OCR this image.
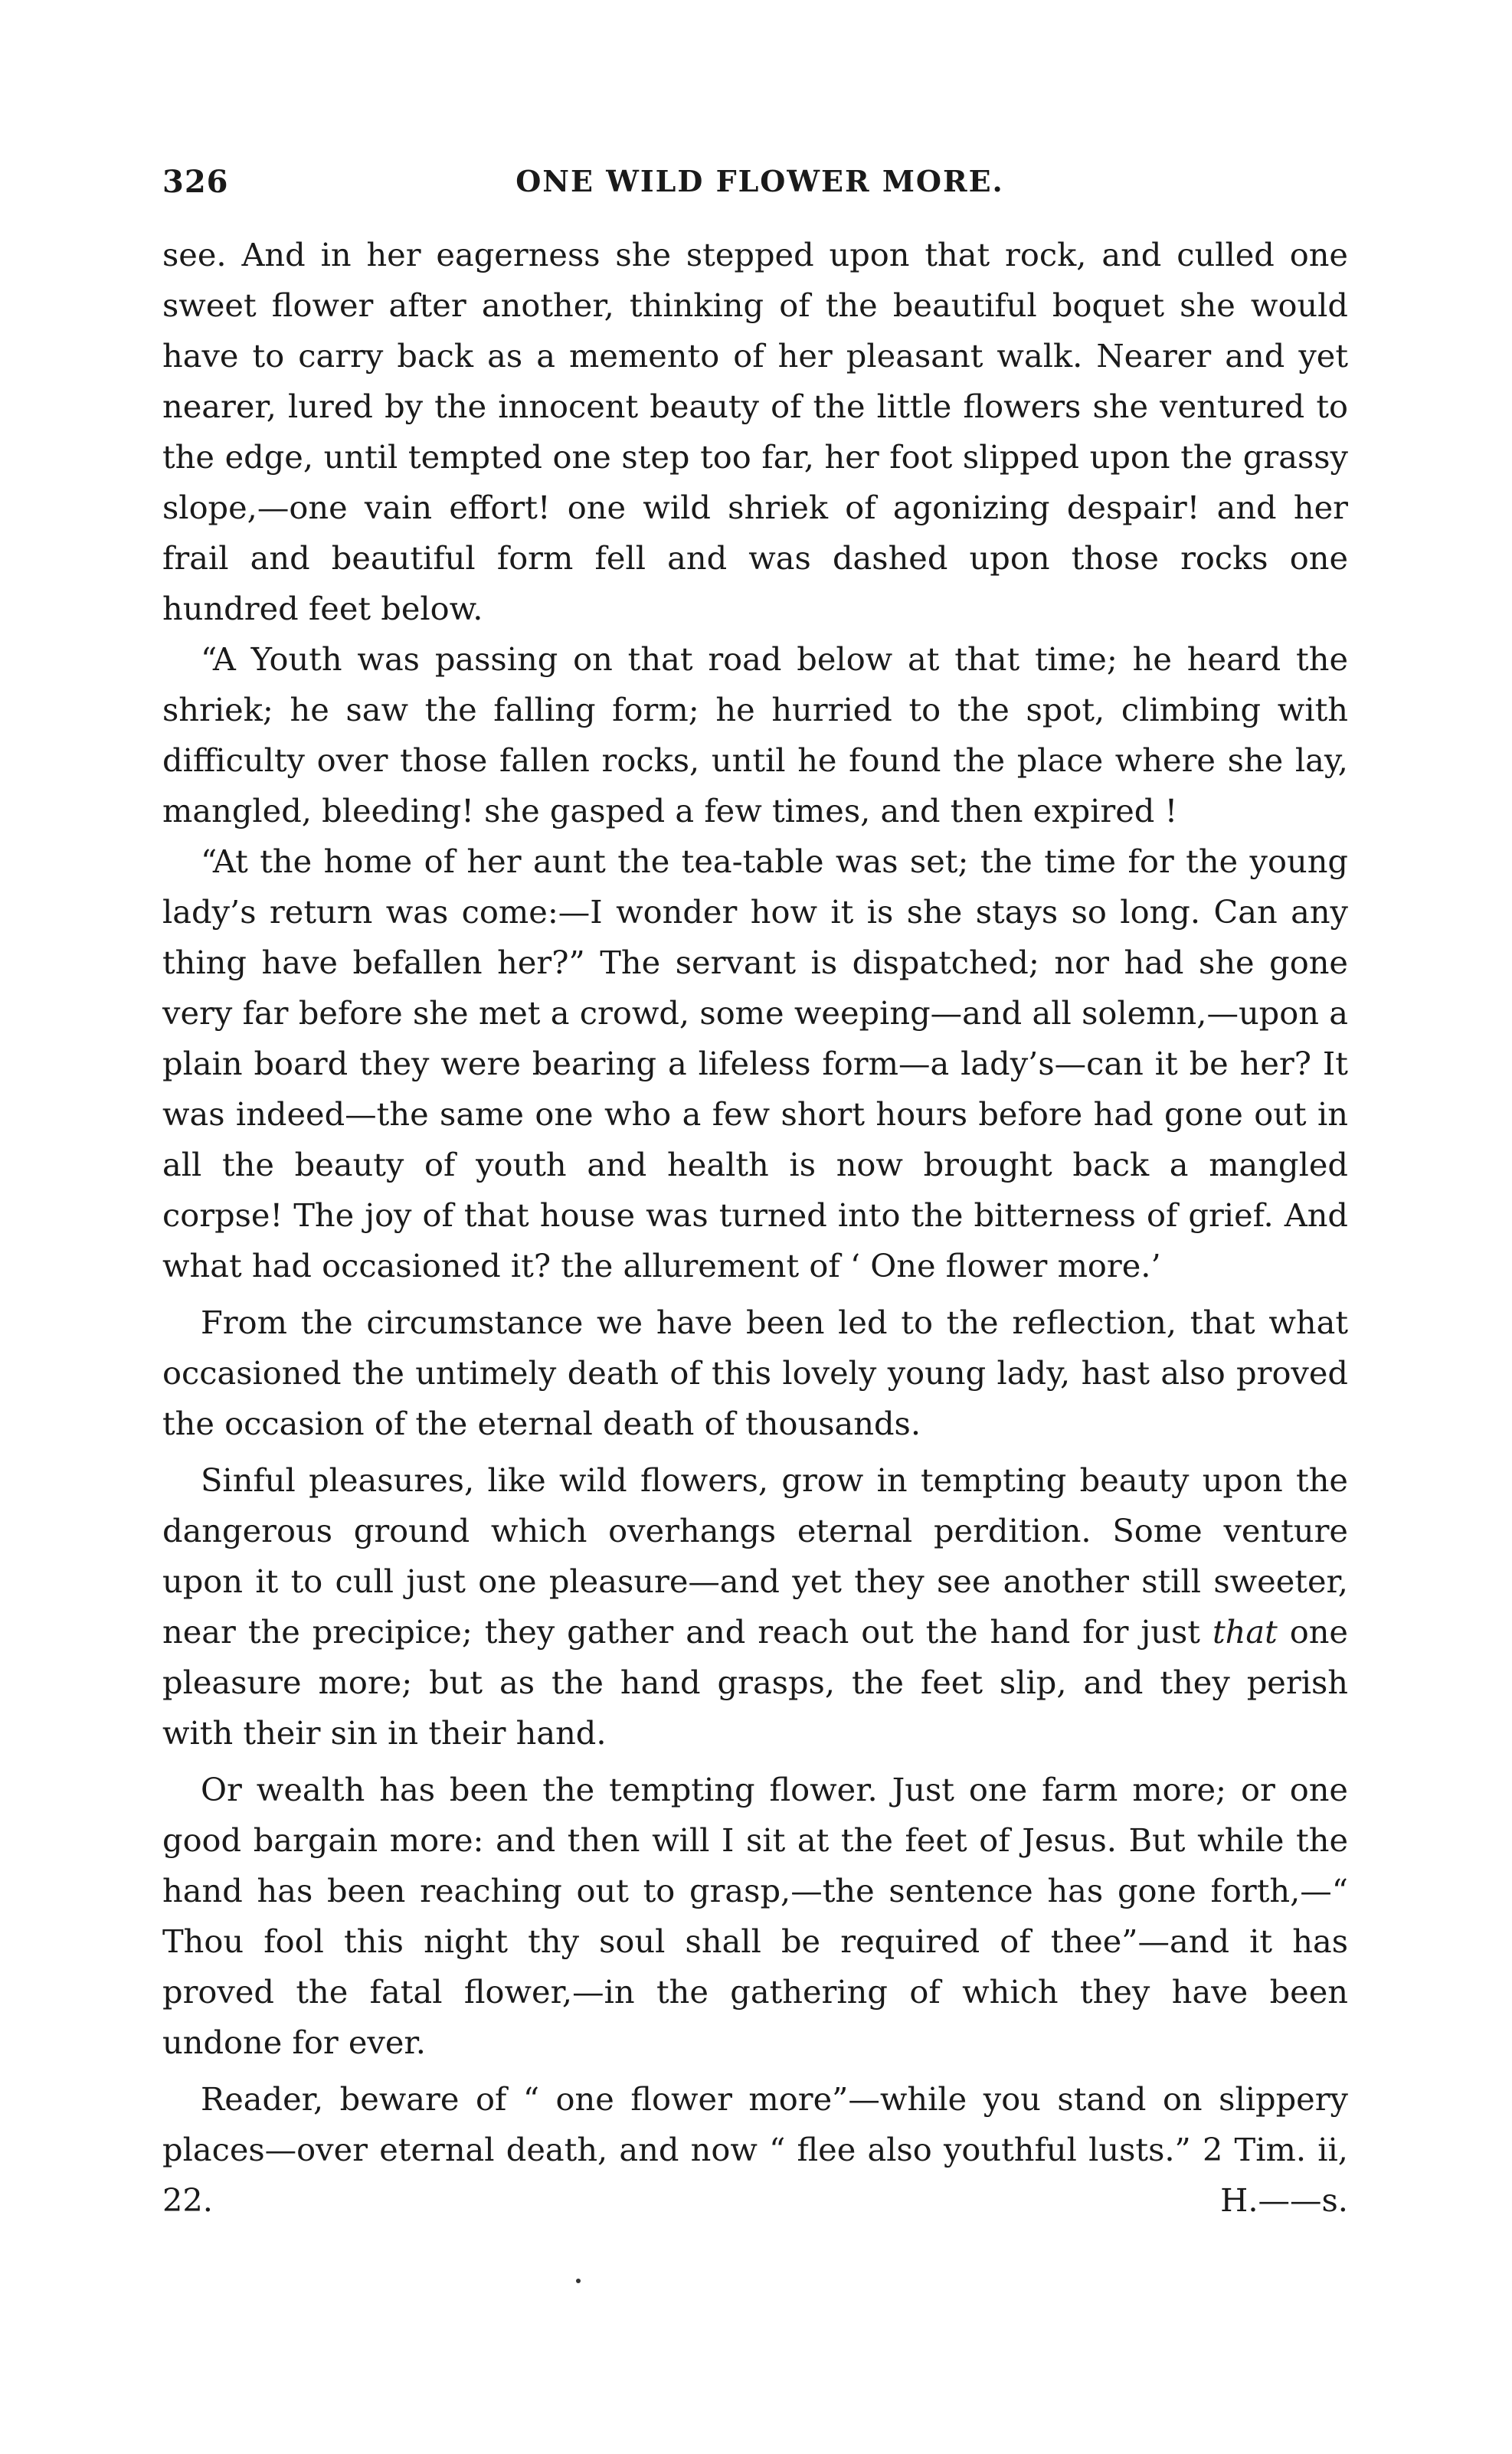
326	ONE WILD FLOWER MORE.

see. And in her eagerness she stepped upon that rock, and culled one sweet flower after another, thinking of the beautiful boquet she would have to carry back as a memento of her pleasant walk. Nearer and yet nearer, lured by the innocent beauty of the little flowers she ventured to the edge, until tempted one step too far, her foot slipped upon the grassy slope,—one vain effort! one wild shriek of agonizing despair! and her frail and beautiful form fell and was dashed upon those rocks one hundred feet below.

“A Youth was passing on that road below at that time; he heard the shriek; he saw the falling form; he hurried to the spot, climbing with difficulty over those fallen rocks, until he found the place where she lay, mangled, bleeding! she gasped a few times, and then expired !

“At the home of her aunt the tea-table was set; the time for the young lady’s return was come:—I wonder how it is she stays so long. Can any thing have befallen her?” The servant is dispatched; nor had she gone very far before she met a crowd, some weeping—and all solemn,—upon a plain board they were bearing a lifeless form—a lady’s—can it be her? It was indeed—the same one who a few short hours before had gone out in all the beauty of youth and health is now brought back a mangled corpse! The joy of that house was turned into the bitterness of grief. And what had occasioned it? the allurement of ‘ One flower more.’

From the circumstance we have been led to the reflection, that what occasioned the untimely death of this lovely young lady, hast also proved the occasion of the eternal death of thousands.

Sinful pleasures, like wild flowers, grow in tempting beauty upon the dangerous ground which overhangs eternal perdition. Some venture upon it to cull just one pleasure—and yet they see another still sweeter, near the precipice; they gather and reach out the hand for just that one pleasure more; but as the hand grasps, the feet slip, and they perish with their sin in their hand.

Or wealth has been the tempting flower. Just one farm more; or one good bargain more: and then will I sit at the feet of Jesus. But while the hand has been reaching out to grasp,—the sentence has gone forth,—“ Thou fool this night thy soul shall be required of thee”—and it has proved the fatal flower,—in the gathering of which they have been undone for ever.

Reader, beware of “ one flower more”—while you stand on slippery places—over eternal death, and now “ flee also youthful lusts.” 2 Tim. ii, 22.	H.——s.
